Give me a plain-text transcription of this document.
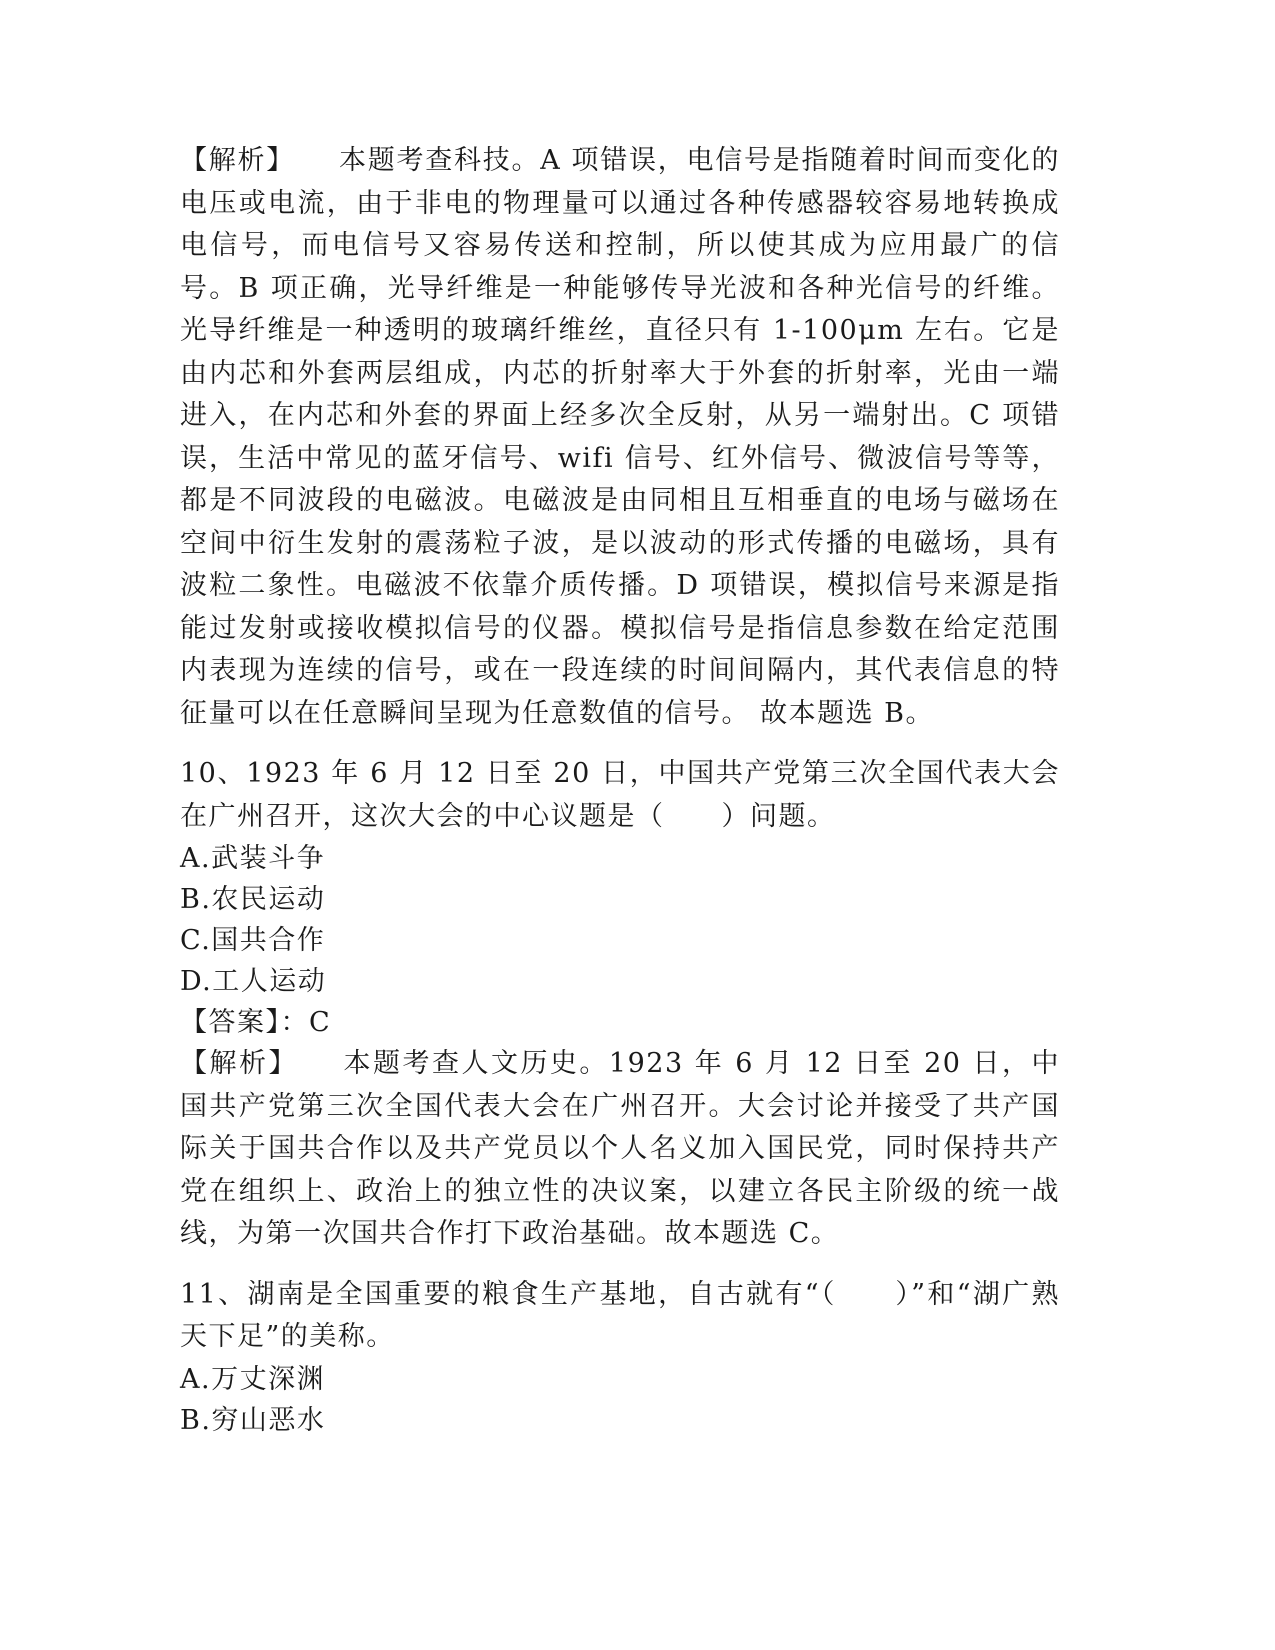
【解析】　　 本题考查科技。A 项错误，电信号是指随着时间而变化的电压或电流，由于非电的物理量可以通过各种传感器较容易地转换成电信号，而电信号又容易传送和控制，所以使其成为应用最广的信号。B 项正确，光导纤维是一种能够传导光波和各种光信号的纤维。光导纤维是一种透明的玻璃纤维丝，直径只有 1-100μm 左右。它是由内芯和外套两层组成，内芯的折射率大于外套的折射率，光由一端进入，在内芯和外套的界面上经多次全反射，从另一端射出。C 项错误，生活中常见的蓝牙信号、wifi 信号、红外信号、微波信号等等，都是不同波段的电磁波。电磁波是由同相且互相垂直的电场与磁场在空间中衍生发射的震荡粒子波，是以波动的形式传播的电磁场，具有波粒二象性。电磁波不依靠介质传播。D 项错误，模拟信号来源是指能过发射或接收模拟信号的仪器。模拟信号是指信息参数在给定范围内表现为连续的信号，或在一段连续的时间间隔内，其代表信息的特征量可以在任意瞬间呈现为任意数值的信号。 故本题选 B。
10、1923 年 6 月 12 日至 20 日，中国共产党第三次全国代表大会在广州召开，这次大会的中心议题是（　　）问题。
A.武装斗争
B.农民运动
C.国共合作
D.工人运动
【答案】：C
【解析】　　 本题考查人文历史。1923 年 6 月 12 日至 20 日，中国共产党第三次全国代表大会在广州召开。大会讨论并接受了共产国际关于国共合作以及共产党员以个人名义加入国民党，同时保持共产党在组织上、政治上的独立性的决议案，以建立各民主阶级的统一战线，为第一次国共合作打下政治基础。故本题选 C。
11、湖南是全国重要的粮食生产基地，自古就有“（　　）”和“湖广熟天下足”的美称。
A.万丈深渊
B.穷山恶水
